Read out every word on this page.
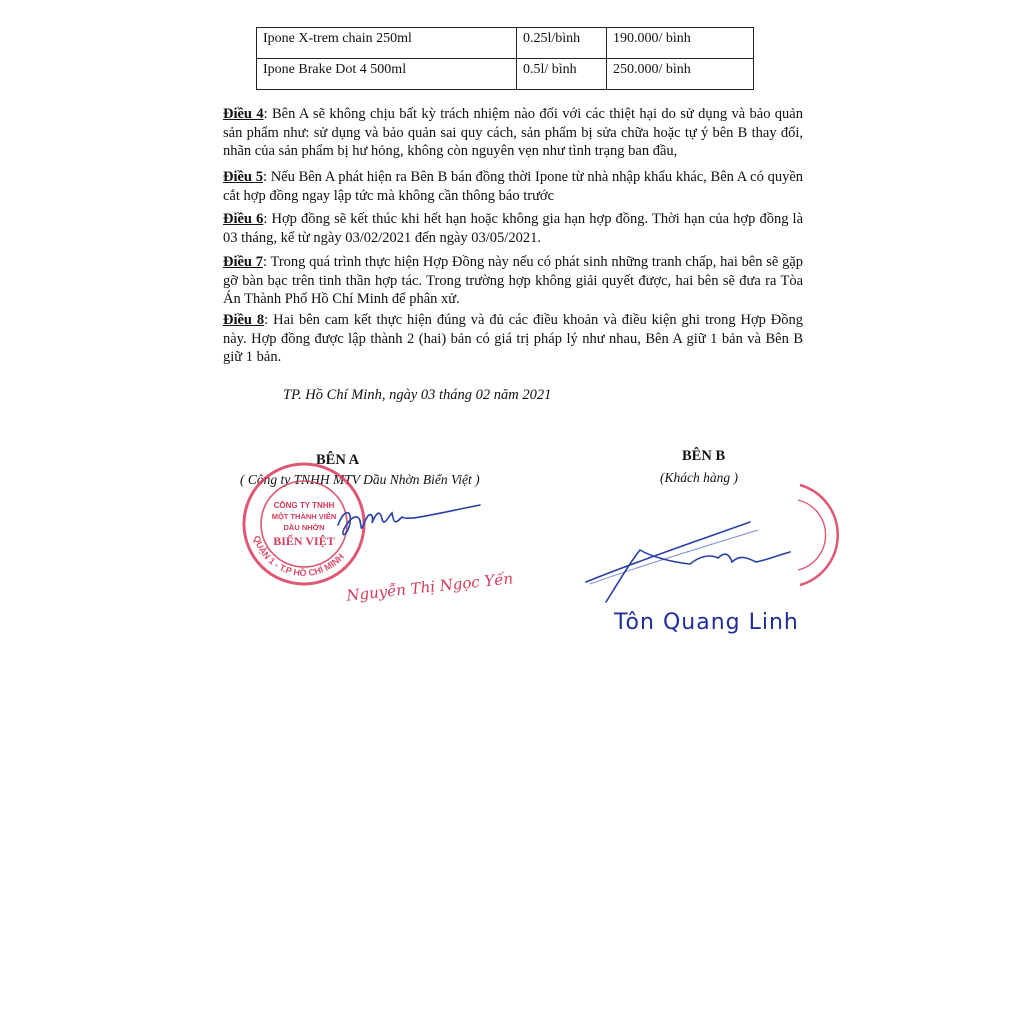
Ipone X-trem chain 250ml	0.25l/bình	190.000/ bình
Ipone Brake Dot 4 500ml	0.5l/ bình	250.000/ bình
Điều 4: Bên A sẽ không chịu bất kỳ trách nhiệm nào đối với các thiệt hại do sử dụng và bảo quản sản phẩm như: sử dụng và bảo quản sai quy cách, sản phẩm bị sửa chữa hoặc tự ý bên B thay đổi, nhãn của sản phẩm bị hư hỏng, không còn nguyên vẹn như tình trạng ban đầu,
Điều 5: Nếu Bên A phát hiện ra Bên B bán đồng thời Ipone từ nhà nhập khẩu khác, Bên A có quyền cắt hợp đồng ngay lập tức mà không cần thông báo trước
Điều 6: Hợp đồng sẽ kết thúc khi hết hạn hoặc không gia hạn hợp đồng. Thời hạn của hợp đồng là 03 tháng, kể từ ngày 03/02/2021 đến ngày 03/05/2021.
Điều 7: Trong quá trình thực hiện Hợp Đồng này nếu có phát sinh những tranh chấp, hai bên sẽ gặp gỡ bàn bạc trên tinh thần hợp tác. Trong trường hợp không giải quyết được, hai bên sẽ đưa ra Tòa Án Thành Phố Hồ Chí Minh để phân xử.
Điều 8: Hai bên cam kết thực hiện đúng và đủ các điều khoản và điều kiện ghi trong Hợp Đồng này. Hợp đồng được lập thành 2 (hai) bản có giá trị pháp lý như nhau, Bên A giữ 1 bản và Bên B giữ 1 bản.
TP. Hồ Chí Minh, ngày 03 tháng 02 năm 2021
BÊN A
( Công ty TNHH MTV Dầu Nhờn Biển Việt )
QUẬN 1 - T.P HỒ CHÍ MINH
CÔNG TY TNHH
MỘT THÀNH VIÊN
DẦU NHỜN
BIỂN VIỆT
Nguyễn Thị Ngọc Yến
BÊN B
(Khách hàng )
Tôn Quang Linh
